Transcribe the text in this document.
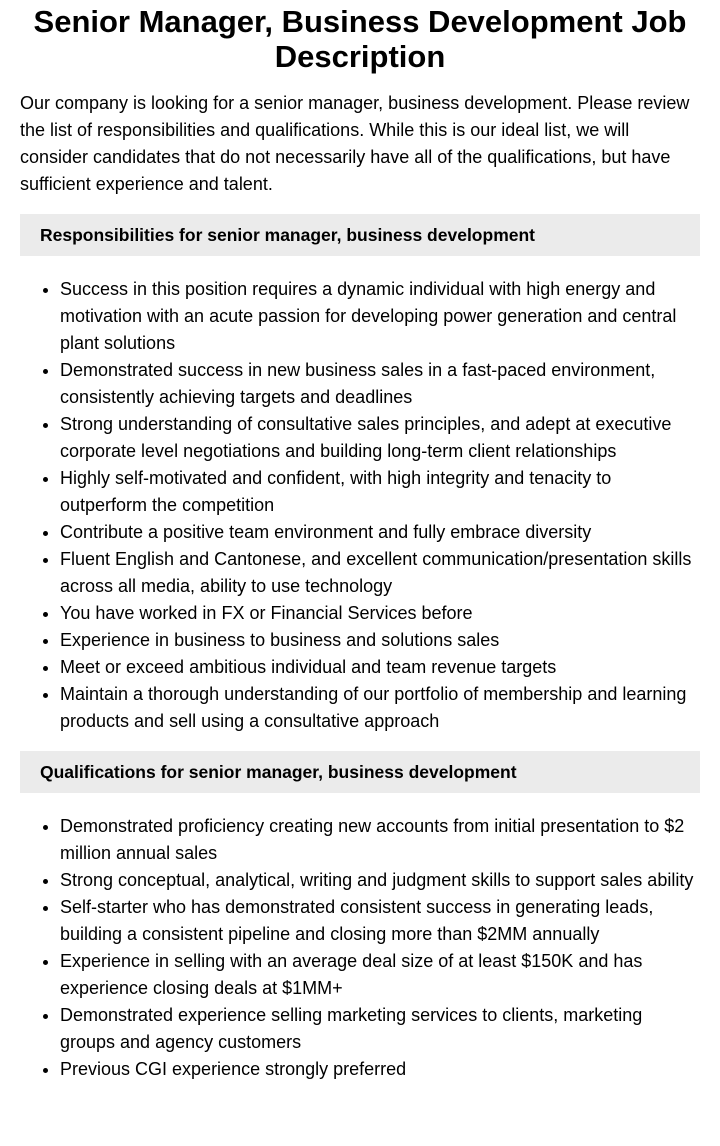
Senior Manager, Business Development Job Description

Our company is looking for a senior manager, business development. Please review the list of responsibilities and qualifications. While this is our ideal list, we will consider candidates that do not necessarily have all of the qualifications, but have sufficient experience and talent.

Responsibilities for senior manager, business development
• Success in this position requires a dynamic individual with high energy and motivation with an acute passion for developing power generation and central plant solutions
• Demonstrated success in new business sales in a fast-paced environment, consistently achieving targets and deadlines
• Strong understanding of consultative sales principles, and adept at executive corporate level negotiations and building long-term client relationships
• Highly self-motivated and confident, with high integrity and tenacity to outperform the competition
• Contribute a positive team environment and fully embrace diversity
• Fluent English and Cantonese, and excellent communication/presentation skills across all media, ability to use technology
• You have worked in FX or Financial Services before
• Experience in business to business and solutions sales
• Meet or exceed ambitious individual and team revenue targets
• Maintain a thorough understanding of our portfolio of membership and learning products and sell using a consultative approach
Qualifications for senior manager, business development
• Demonstrated proficiency creating new accounts from initial presentation to $2 million annual sales
• Strong conceptual, analytical, writing and judgment skills to support sales ability
• Self-starter who has demonstrated consistent success in generating leads, building a consistent pipeline and closing more than $2MM annually
• Experience in selling with an average deal size of at least $150K and has experience closing deals at $1MM+
• Demonstrated experience selling marketing services to clients, marketing groups and agency customers
• Previous CGI experience strongly preferred
